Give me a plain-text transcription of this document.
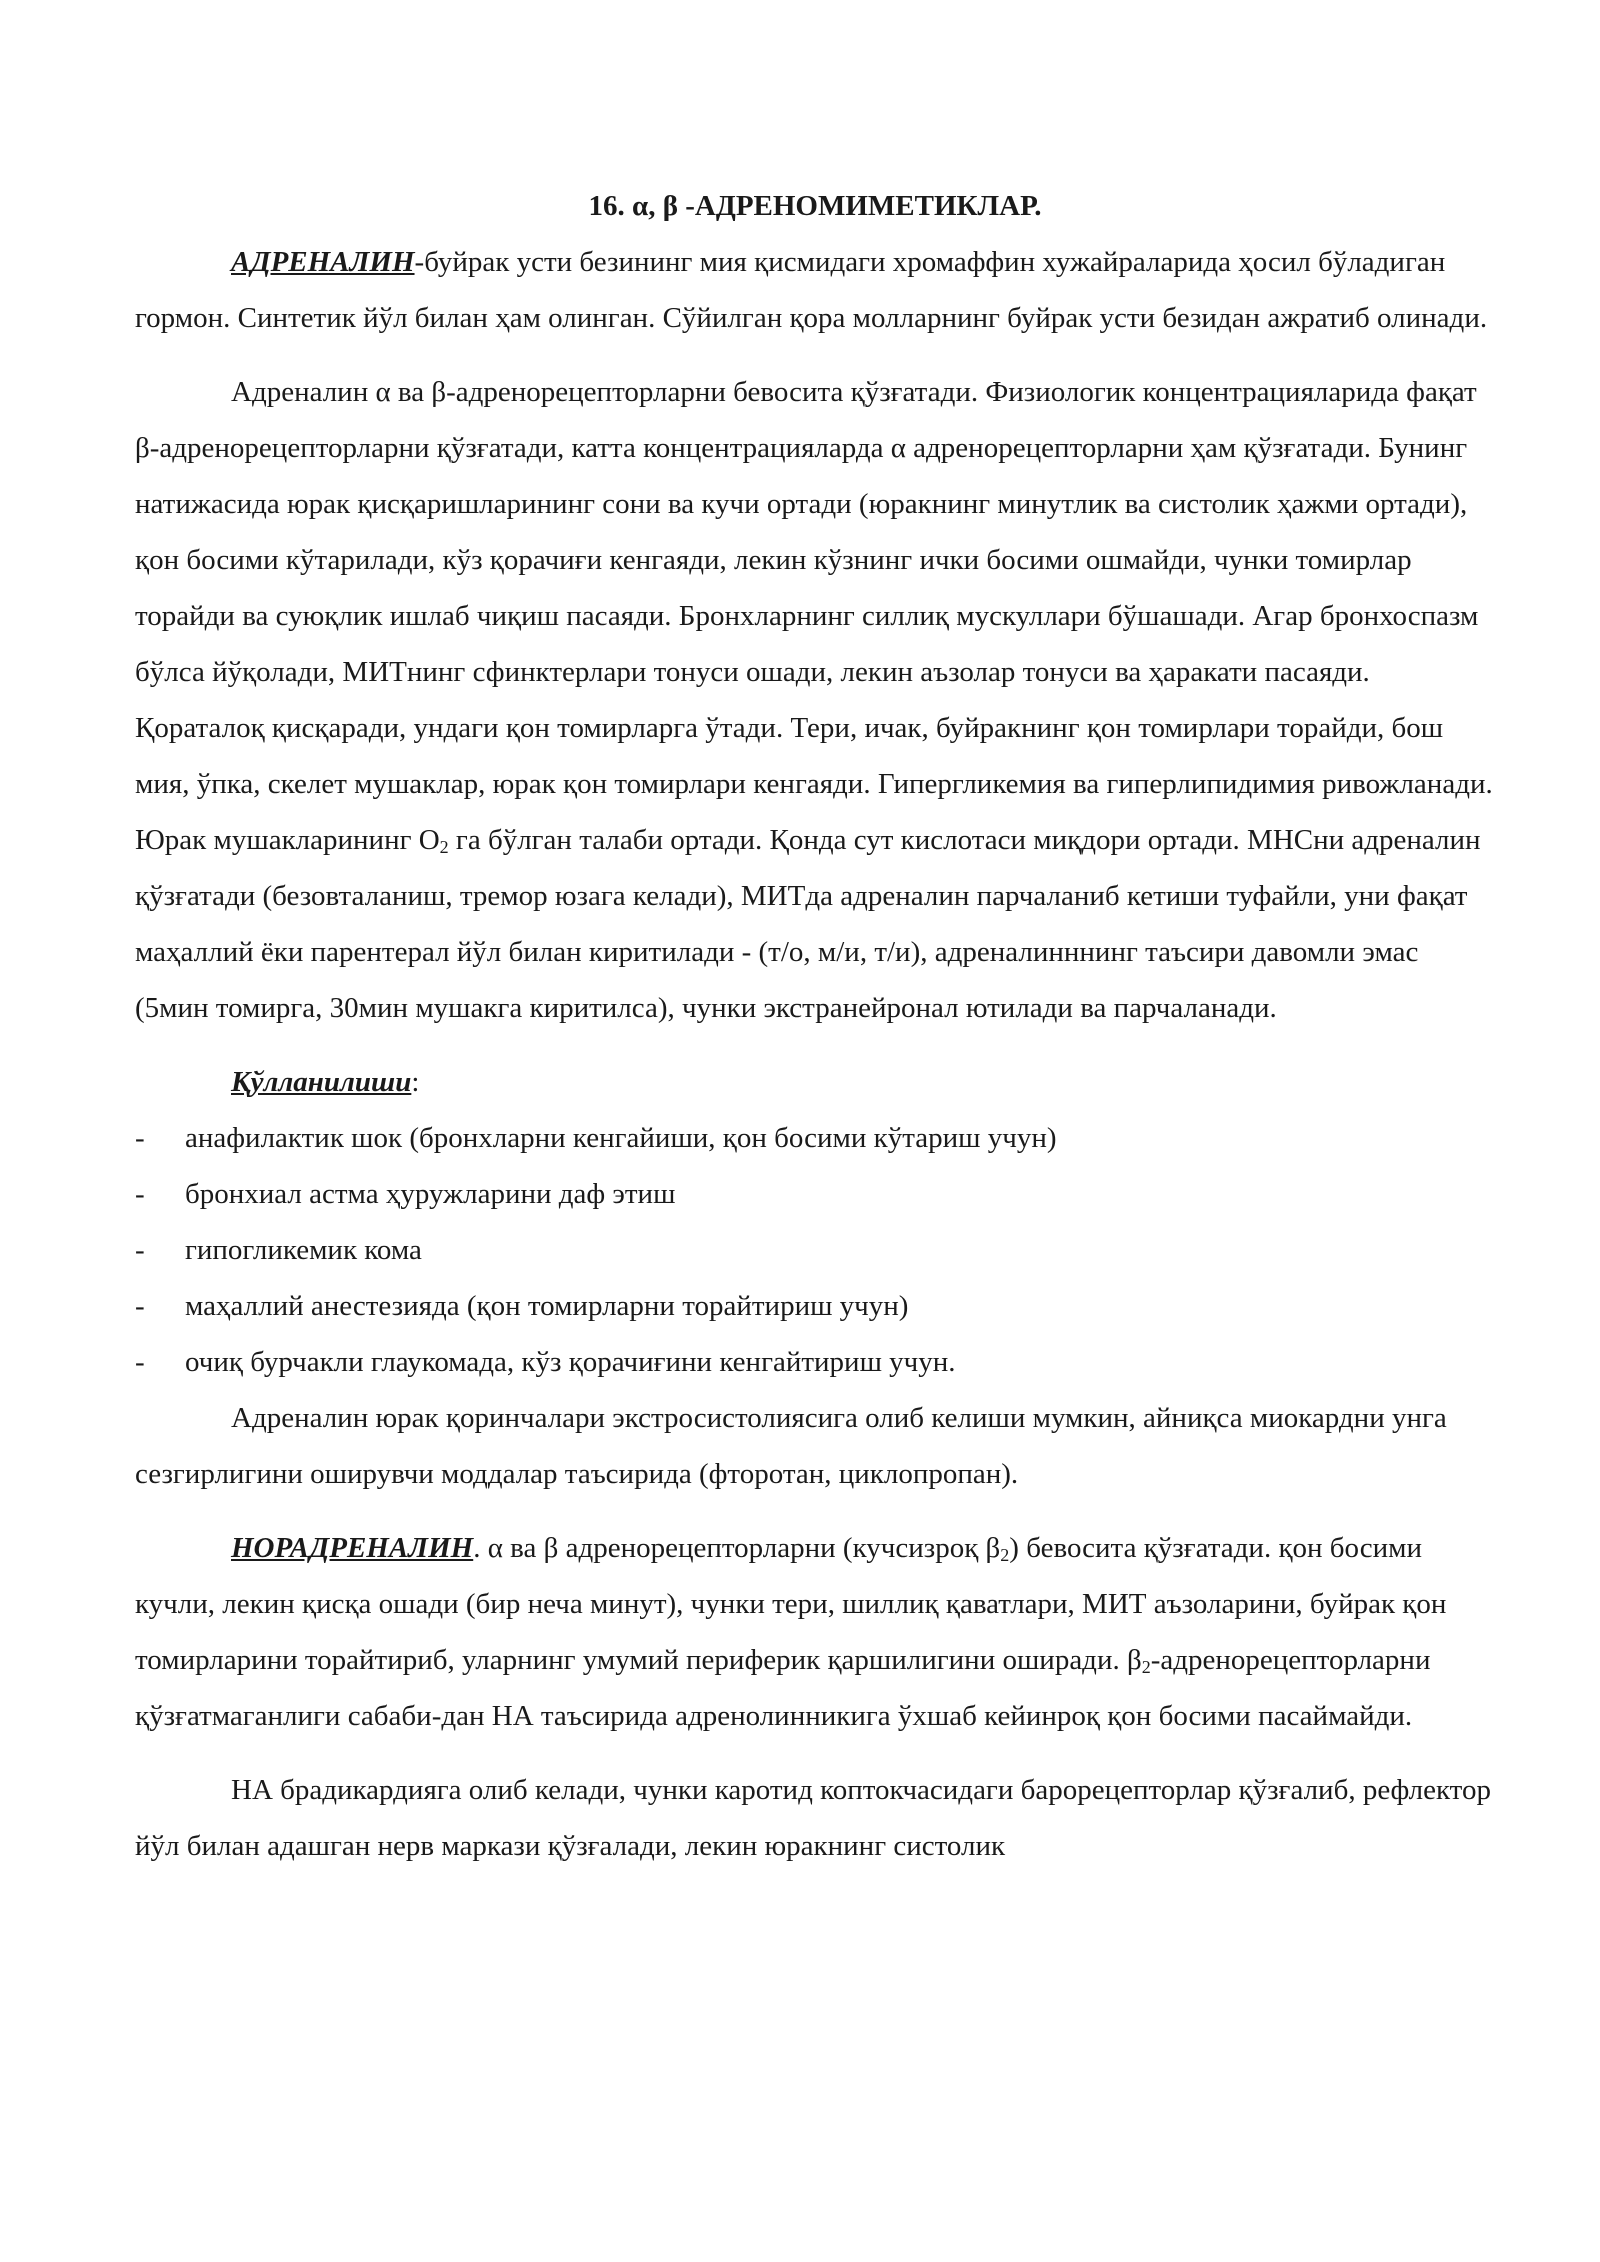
16. α, β -АДРЕНОМИМЕТИКЛАР.

АДРЕНАЛИН-буйрак усти безининг мия қисмидаги хромаффин хужайраларида ҳосил бўладиган гормон. Синтетик йўл билан ҳам олинган. Сўйилган қора молларнинг буйрак усти безидан ажратиб олинади.

Адреналин α ва β-адренорецепторларни бевосита қўзғатади. Физиологик концентрацияларида фақат β-адренорецепторларни қўзғатади, катта концентрацияларда α адренорецепторларни ҳам қўзғатади. Бунинг натижасида юрак қисқаришларининг сони ва кучи ортади (юракнинг минутлик ва систолик ҳажми ортади), қон босими кўтарилади, кўз қорачиғи кенгаяди, лекин кўзнинг ички босими ошмайди, чунки томирлар торайди ва суюқлик ишлаб чиқиш пасаяди. Бронхларнинг силлиқ мускуллари бўшашади. Агар бронхоспазм бўлса йўқолади, МИТнинг сфинктерлари тонуси ошади, лекин аъзолар тонуси ва ҳаракати пасаяди. Қораталоқ қисқаради, ундаги қон томирларга ўтади. Тери, ичак, буйракнинг қон томирлари торайди, бош мия, ўпка, скелет мушаклар, юрак қон томирлари кенгаяди. Гипергликемия ва гиперлипидимия ривожланади. Юрак мушакларининг $О_2$ га бўлган талаби ортади. Қонда сут кислотаси миқдори ортади. МНСни адреналин қўзғатади (безовталаниш, тремор юзага келади), МИТда адреналин парчаланиб кетиши туфайли, уни фақат маҳаллий ёки парентерал йўл билан киритилади - (т/о, м/и, т/и), адреналинннинг таъсири давомли эмас (5мин томирга, 30мин мушакга киритилса), чунки экстранейронал ютилади ва парчаланади.

Қўлланилиши:

-	анафилактик шок (бронхларни кенгайиши, қон босими кўтариш учун)
-	бронхиал астма ҳуружларини даф этиш
-	гипогликемик кома
-	маҳаллий анестезияда (қон томирларни торайтириш учун)
-	очиқ бурчакли глаукомада, кўз қорачиғини кенгайтириш учун.

Адреналин юрак қоринчалари экстросистолиясига олиб келиши мумкин, айниқса миокардни унга сезгирлигини оширувчи моддалар таъсирида (фторотан, циклопропан).

НОРАДРЕНАЛИН. α ва β адренорецепторларни (кучсизроқ $\beta_2$) бевосита қўзғатади. қон босими кучли, лекин қисқа ошади (бир неча минут), чунки тери, шиллиқ қаватлари, МИТ аъзоларини, буйрак қон томирларини торайтириб, уларнинг умумий периферик қаршилигини оширади. $\beta_2$-адренорецепторларни қўзғатмаганлиги сабаби-дан НА таъсирида адренолинникига ўхшаб кейинроқ қон босими пасаймайди.

НА брадикардияга олиб келади, чунки каротид коптокчасидаги барорецепторлар қўзғалиб, рефлектор йўл билан адашган нерв маркази қўзғалади, лекин юракнинг систолик
